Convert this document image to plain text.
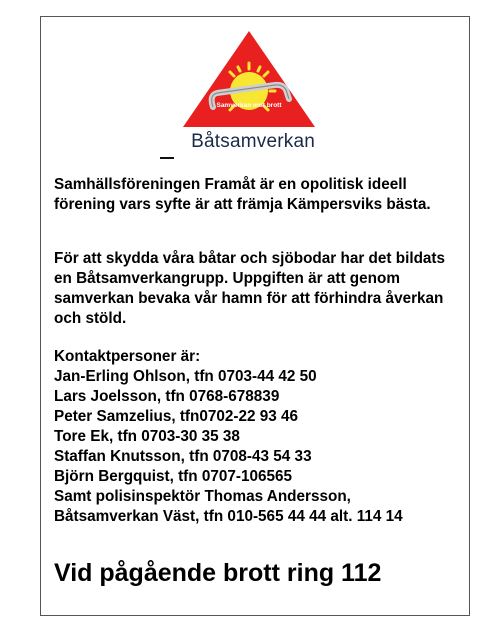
Samverkan mot brott
Båtsamverkan

Samhällsföreningen Framåt är en opolitisk ideell förening vars syfte är att främja Kämpersviks bästa.

För att skydda våra båtar och sjöbodar har det bildats en Båtsamverkangrupp. Uppgiften är att genom samverkan bevaka vår hamn för att förhindra åverkan och stöld.

Kontaktpersoner är:
Jan-Erling Ohlson, tfn 0703-44 42 50
Lars Joelsson, tfn 0768-678839
Peter Samzelius, tfn0702-22 93 46
Tore Ek, tfn 0703-30 35 38
Staffan Knutsson, tfn 0708-43 54 33
Björn Bergquist, tfn 0707-106565
Samt polisinspektör Thomas Andersson,
Båtsamverkan Väst, tfn 010-565 44 44 alt. 114 14

Vid pågående brott ring 112
